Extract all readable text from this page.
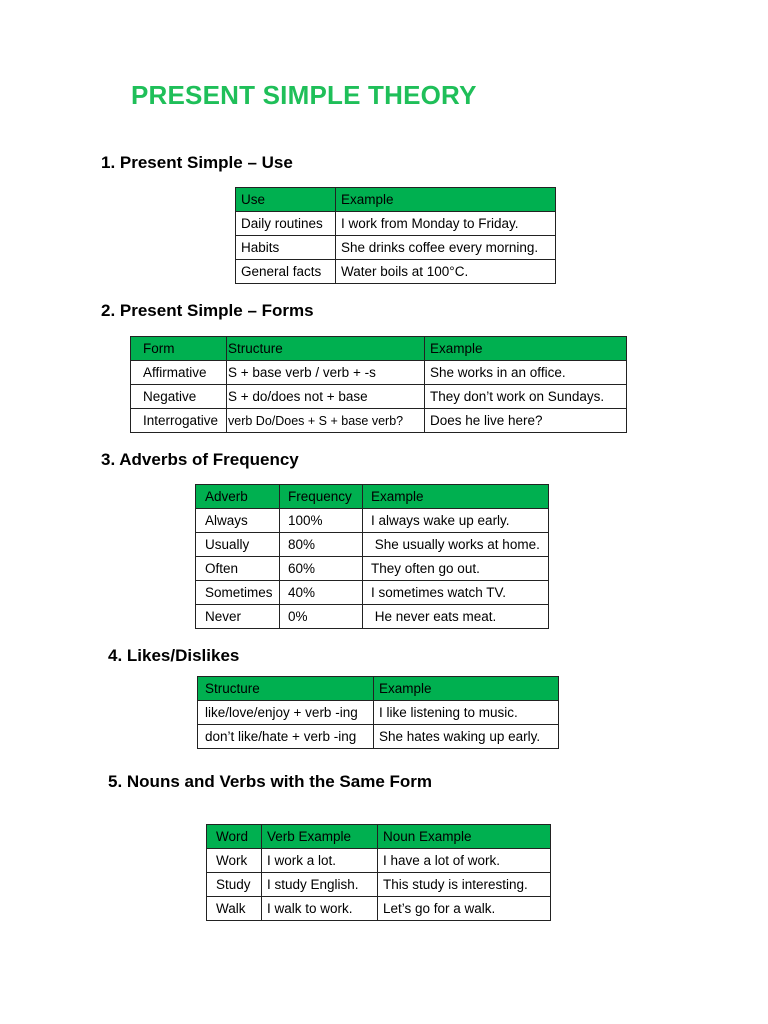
PRESENT SIMPLE THEORY
1. Present Simple – Use
Use	Example
Daily routines	I work from Monday to Friday.
Habits	She drinks coffee every morning.
General facts	Water boils at 100°C.
2. Present Simple – Forms
Form	Structure	Example
Affirmative	S + base verb / verb + -s	She works in an office.
Negative	S + do/does not + base	They don’t work on Sundays.
Interrogative	verb Do/Does + S + base verb?	Does he live here?
3. Adverbs of Frequency
Adverb	Frequency	Example
Always	100%	I always wake up early.
Usually	80%	She usually works at home.
Often	60%	They often go out.
Sometimes	40%	I sometimes watch TV.
Never	0%	He never eats meat.
4. Likes/Dislikes
Structure	Example
like/love/enjoy + verb -ing	I like listening to music.
don’t like/hate + verb -ing	She hates waking up early.
5. Nouns and Verbs with the Same Form
Word	Verb Example	Noun Example
Work	I work a lot.	I have a lot of work.
Study	I study English.	This study is interesting.
Walk	I walk to work.	Let’s go for a walk.
